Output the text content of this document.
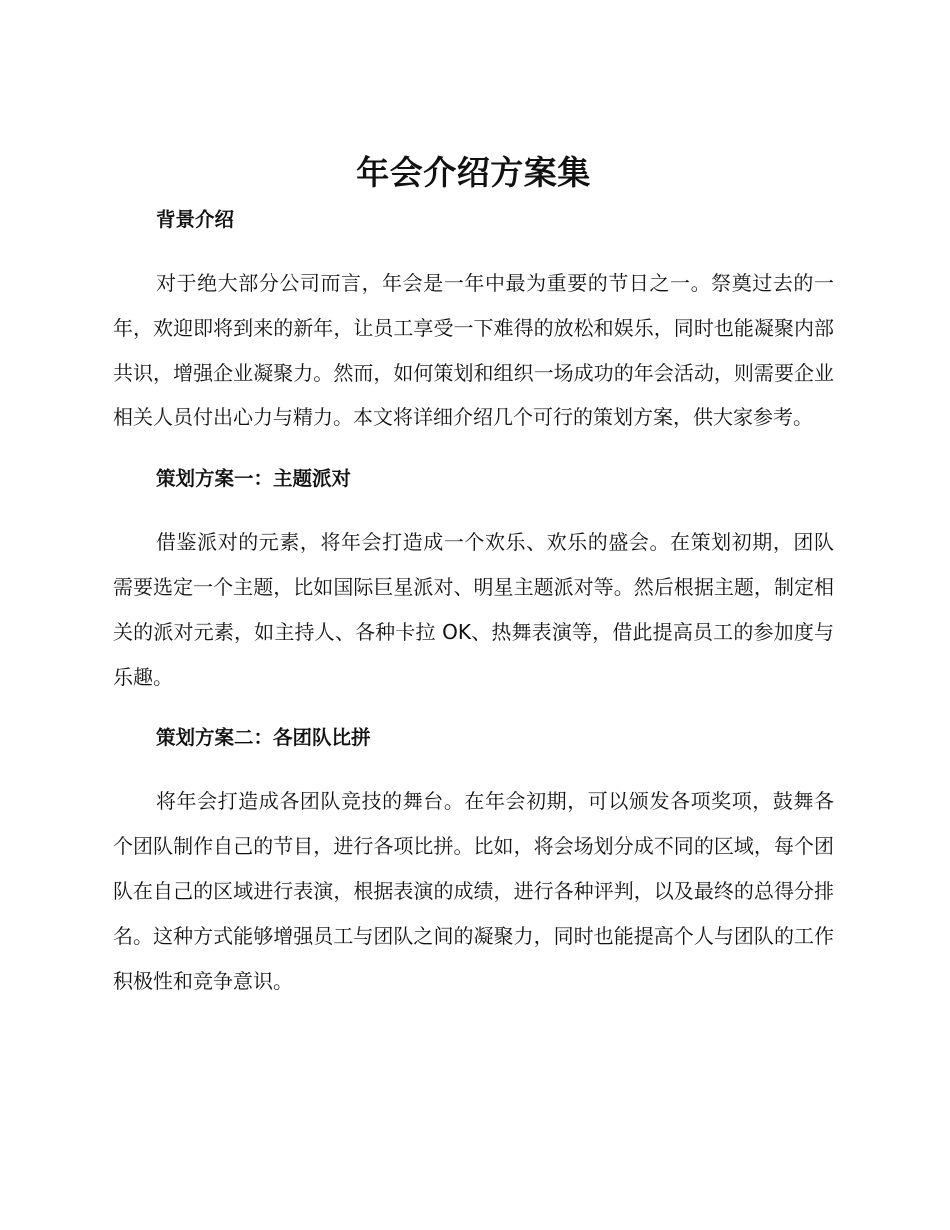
年会介绍方案集
背景介绍

对于绝大部分公司而言，年会是一年中最为重要的节日之一。祭奠过去的一年，欢迎即将到来的新年，让员工享受一下难得的放松和娱乐，同时也能凝聚内部共识，增强企业凝聚力。然而，如何策划和组织一场成功的年会活动，则需要企业相关人员付出心力与精力。本文将详细介绍几个可行的策划方案，供大家参考。

策划方案一：主题派对

借鉴派对的元素，将年会打造成一个欢乐、欢乐的盛会。在策划初期，团队需要选定一个主题，比如国际巨星派对、明星主题派对等。然后根据主题，制定相关的派对元素，如主持人、各种卡拉 OK、热舞表演等，借此提高员工的参加度与乐趣。

策划方案二：各团队比拼

将年会打造成各团队竞技的舞台。在年会初期，可以颁发各项奖项，鼓舞各个团队制作自己的节目，进行各项比拼。比如，将会场划分成不同的区域，每个团队在自己的区域进行表演，根据表演的成绩，进行各种评判，以及最终的总得分排名。这种方式能够增强员工与团队之间的凝聚力，同时也能提高个人与团队的工作积极性和竞争意识。
